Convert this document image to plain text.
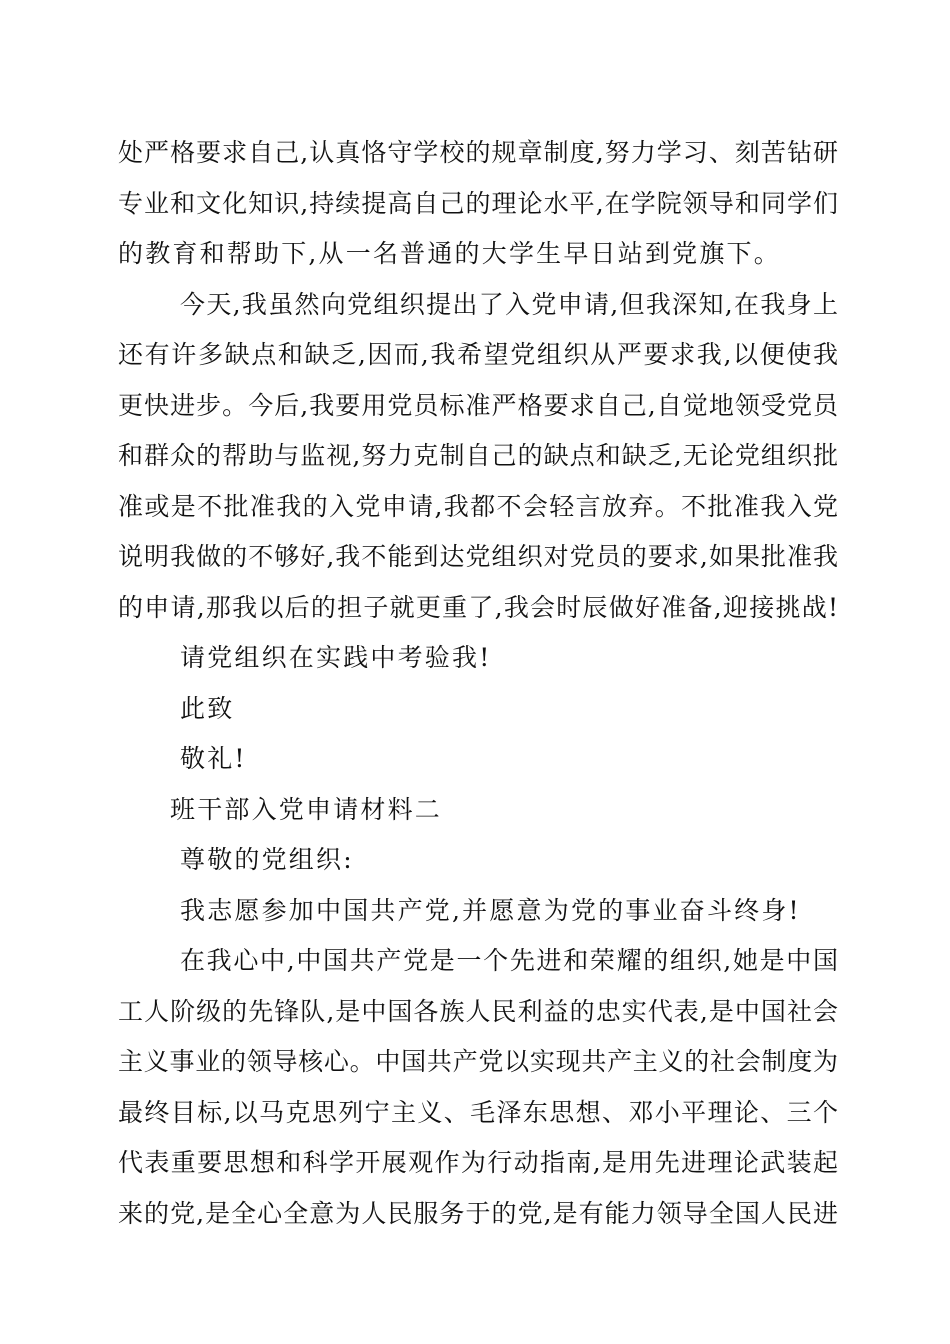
处严格要求自己,认真恪守学校的规章制度,努力学习、刻苦钻研
专业和文化知识,持续提高自己的理论水平,在学院领导和同学们
的教育和帮助下,从一名普通的大学生早日站到党旗下。
今天,我虽然向党组织提出了入党申请,但我深知,在我身上
还有许多缺点和缺乏,因而,我希望党组织从严要求我,以便使我
更快进步。今后,我要用党员标准严格要求自己,自觉地领受党员
和群众的帮助与监视,努力克制自己的缺点和缺乏,无论党组织批
准或是不批准我的入党申请,我都不会轻言放弃。不批准我入党
说明我做的不够好,我不能到达党组织对党员的要求,如果批准我
的申请,那我以后的担子就更重了,我会时辰做好准备,迎接挑战!
请党组织在实践中考验我!
此致
敬礼!
班干部入党申请材料二
尊敬的党组织:
我志愿参加中国共产党,并愿意为党的事业奋斗终身!
在我心中,中国共产党是一个先进和荣耀的组织,她是中国
工人阶级的先锋队,是中国各族人民利益的忠实代表,是中国社会
主义事业的领导核心。中国共产党以实现共产主义的社会制度为
最终目标,以马克思列宁主义、毛泽东思想、邓小平理论、三个
代表重要思想和科学开展观作为行动指南,是用先进理论武装起
来的党,是全心全意为人民服务于的党,是有能力领导全国人民进
